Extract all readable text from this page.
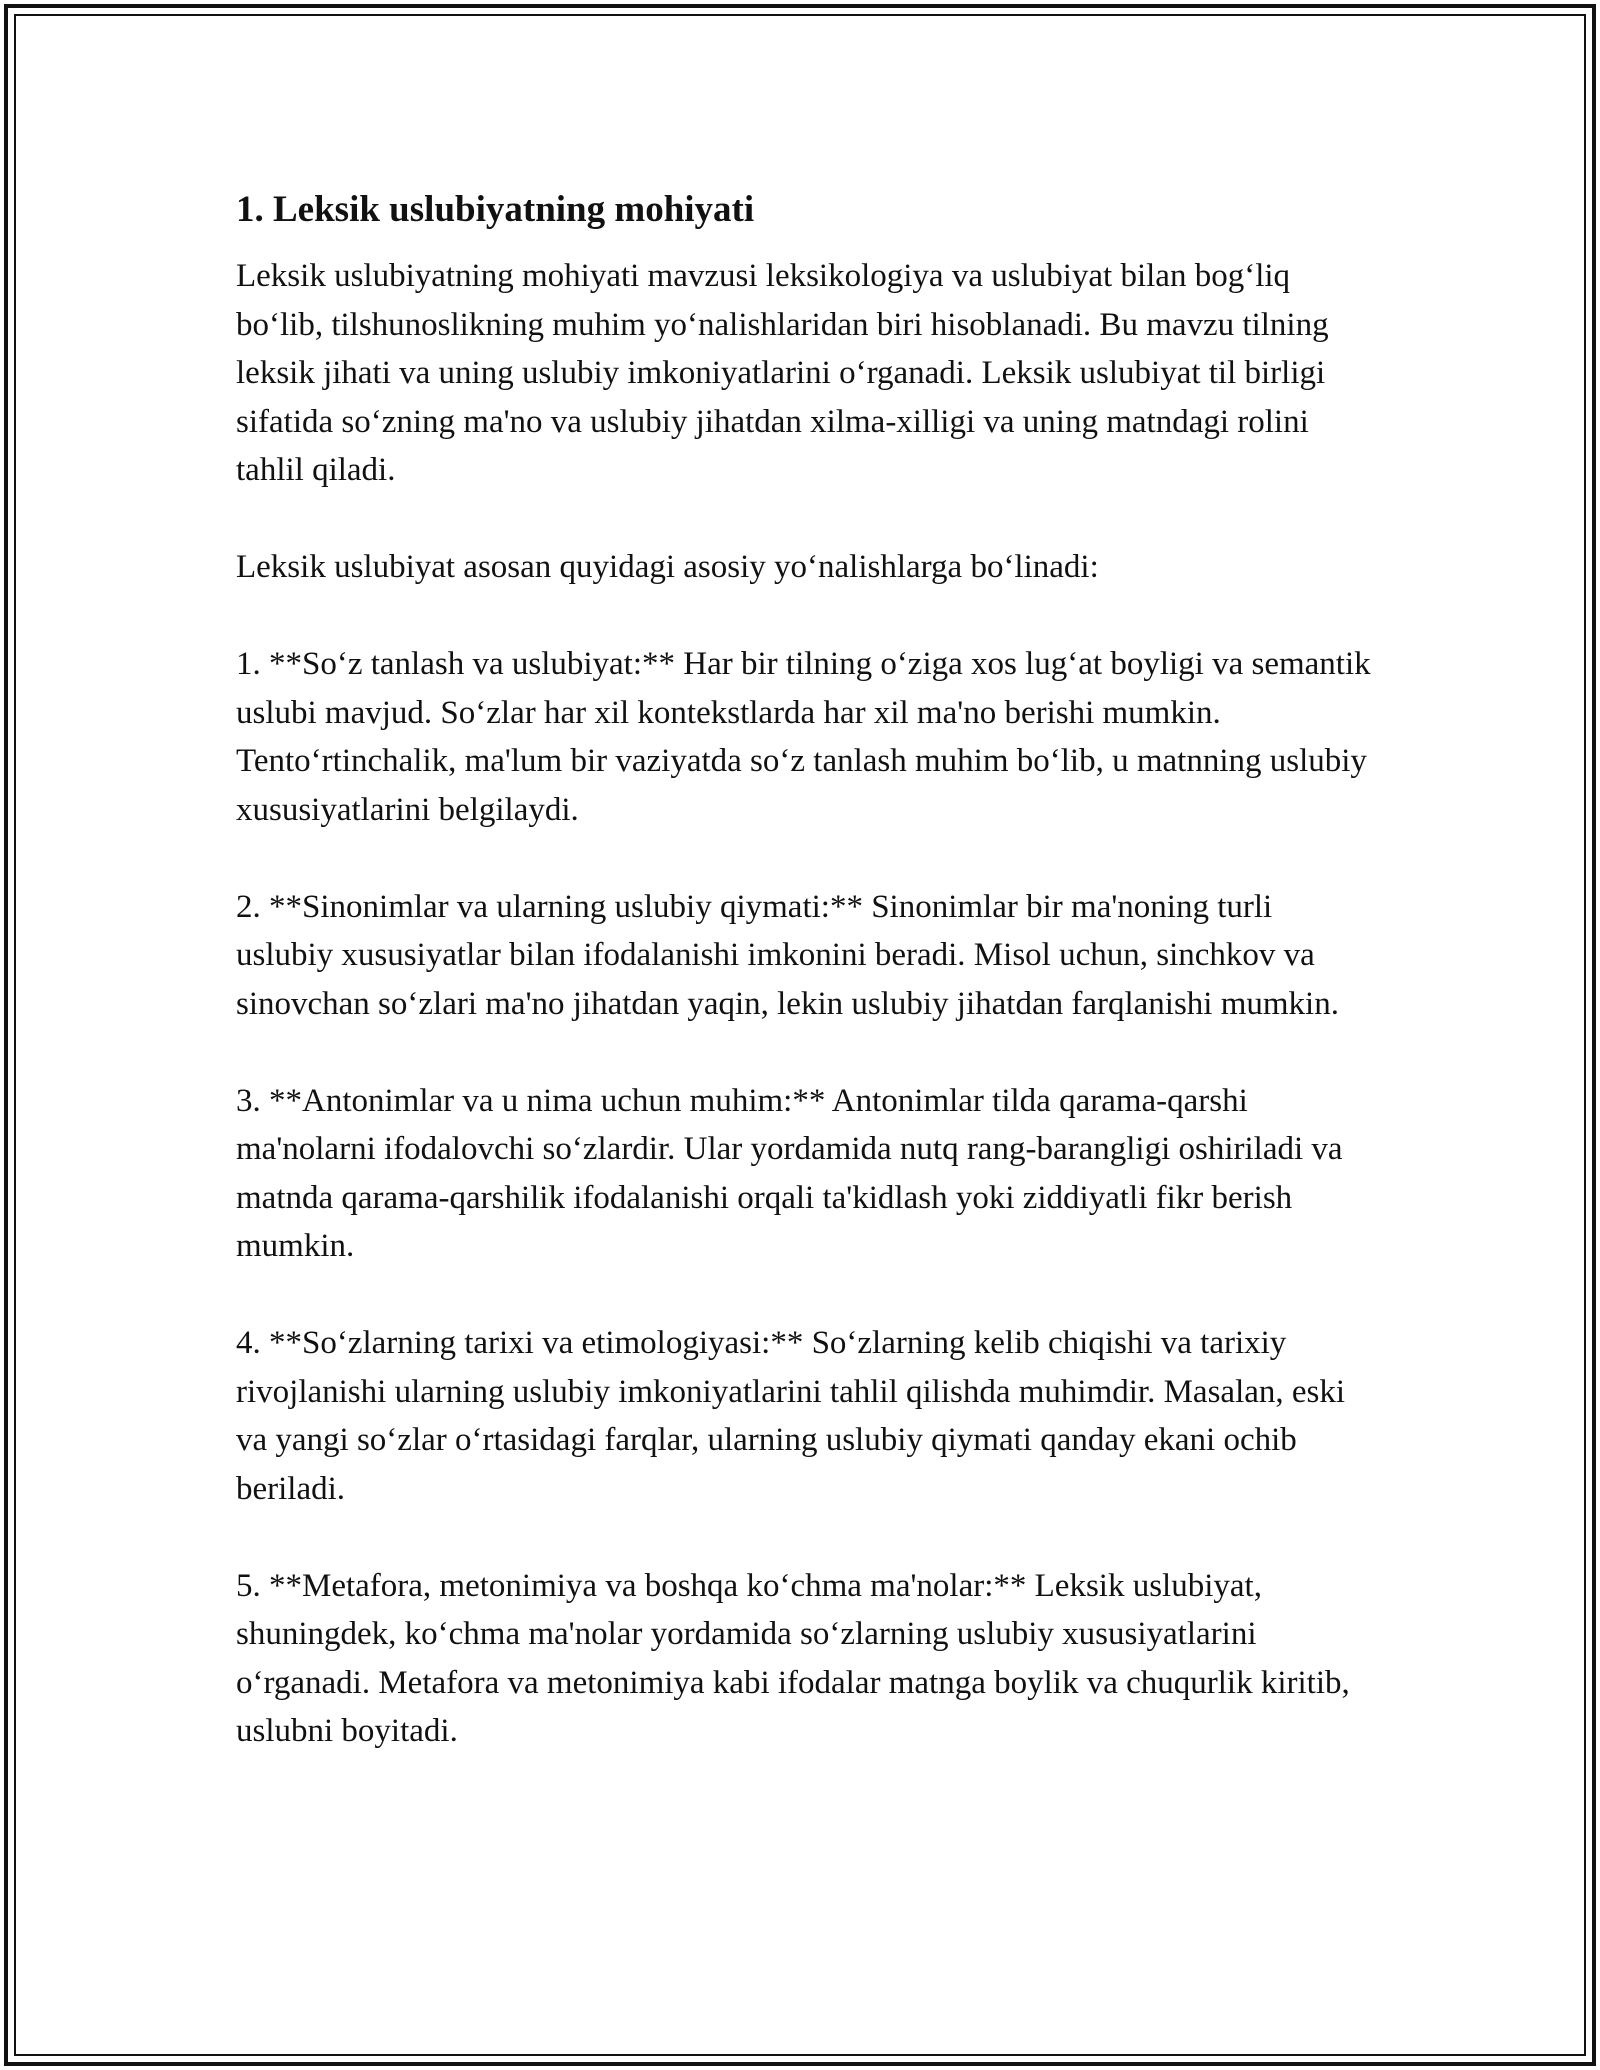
1. Leksik uslubiyatning mohiyati

Leksik uslubiyatning mohiyati mavzusi leksikologiya va uslubiyat bilan bog‘liq bo‘lib, tilshunoslikning muhim yo‘nalishlaridan biri hisoblanadi. Bu mavzu tilning leksik jihati va uning uslubiy imkoniyatlarini o‘rganadi. Leksik uslubiyat til birligi sifatida so‘zning ma'no va uslubiy jihatdan xilma-xilligi va uning matndagi rolini tahlil qiladi.

Leksik uslubiyat asosan quyidagi asosiy yo‘nalishlarga bo‘linadi:

1. **So‘z tanlash va uslubiyat:** Har bir tilning o‘ziga xos lug‘at boyligi va semantik uslubi mavjud. So‘zlar har xil kontekstlarda har xil ma'no berishi mumkin. Tento‘rtinchalik, ma'lum bir vaziyatda so‘z tanlash muhim bo‘lib, u matnning uslubiy xususiyatlarini belgilaydi.

2. **Sinonimlar va ularning uslubiy qiymati:** Sinonimlar bir ma'noning turli uslubiy xususiyatlar bilan ifodalanishi imkonini beradi. Misol uchun, sinchkov va sinovchan so‘zlari ma'no jihatdan yaqin, lekin uslubiy jihatdan farqlanishi mumkin.

3. **Antonimlar va u nima uchun muhim:** Antonimlar tilda qarama-qarshi ma'nolarni ifodalovchi so‘zlardir. Ular yordamida nutq rang-barangligi oshiriladi va matnda qarama-qarshilik ifodalanishi orqali ta'kidlash yoki ziddiyatli fikr berish mumkin.

4. **So‘zlarning tarixi va etimologiyasi:** So‘zlarning kelib chiqishi va tarixiy rivojlanishi ularning uslubiy imkoniyatlarini tahlil qilishda muhimdir. Masalan, eski va yangi so‘zlar o‘rtasidagi farqlar, ularning uslubiy qiymati qanday ekani ochib beriladi.

5. **Metafora, metonimiya va boshqa ko‘chma ma'nolar:** Leksik uslubiyat, shuningdek, ko‘chma ma'nolar yordamida so‘zlarning uslubiy xususiyatlarini o‘rganadi. Metafora va metonimiya kabi ifodalar matnga boylik va chuqurlik kiritib, uslubni boyitadi.
